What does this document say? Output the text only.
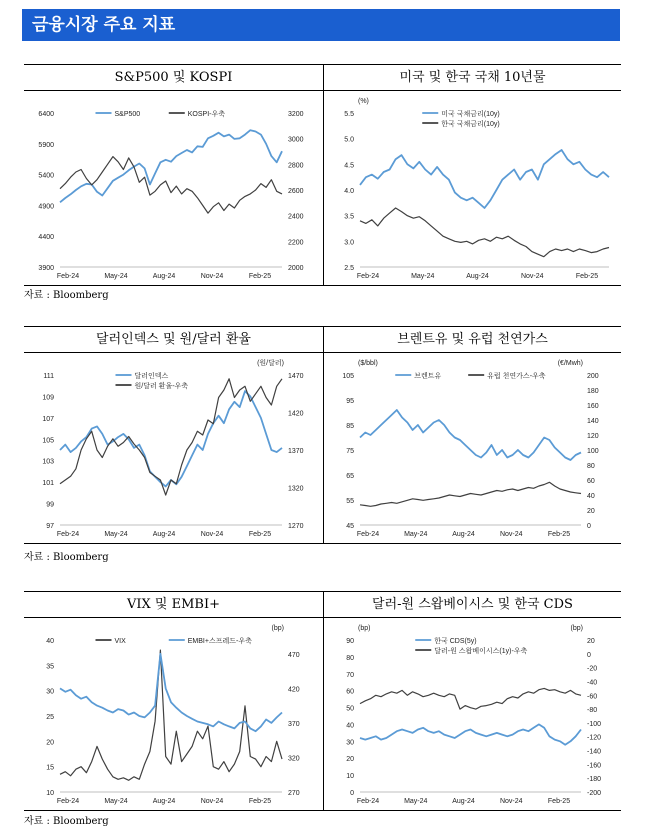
금융시장 주요 지표
S&P500 및 KOSPI	미국 및 한국 국채 10년물
6400
5900
5400
4900
4400
3900
3200
3000
2800
2600
2400
2200
2000
Feb-24	May-24	Aug-24	Nov-24	Feb-25
S&P500	KOSPI-우축	5.5
5.0
4.5
4.0
3.5
3.0
2.5
(%)
Feb-24	May-24	Aug-24	Nov-24	Feb-25
미국 국채금리(10y)
한국 국채금리(10y)
자료 : Bloomberg
달러인덱스 및 원/달러 환율	브렌트유 및 유럽 천연가스
111
109
107
105
103
101
99
97
1470
1420
1370
1320
1270
(원/달러)
Feb-24	May-24	Aug-24	Nov-24	Feb-25
달러인덱스
원/달러 환율-우축
105
95
85
75
65
55
45
($/bbl)
200
180
160
140
120
100
80
60
40
20
0
(€/Mwh)
Feb-24	May-24	Aug-24	Nov-24	Feb-25
브렌트유	유럽 천연가스-우축
자료 : Bloomberg
VIX 및 EMBI+	달러-원 스왑베이시스 및 한국 CDS
40
35
30
25
20
15
10
470
420
370
320
270
(bp)
Feb-24	May-24	Aug-24	Nov-24	Feb-25
VIX	EMBI+스프레드-우축	90
80
70
60
50
40
30
20
10
0
(bp)
20
0
-20
-40
-60
-80
-100
-120
-140
-160
-180
-200
(bp)
Feb-24	May-24	Aug-24	Nov-24	Feb-25
한국 CDS(5y)
달러-원 스왑베이시스(1y)-우축
자료 : Bloomberg
